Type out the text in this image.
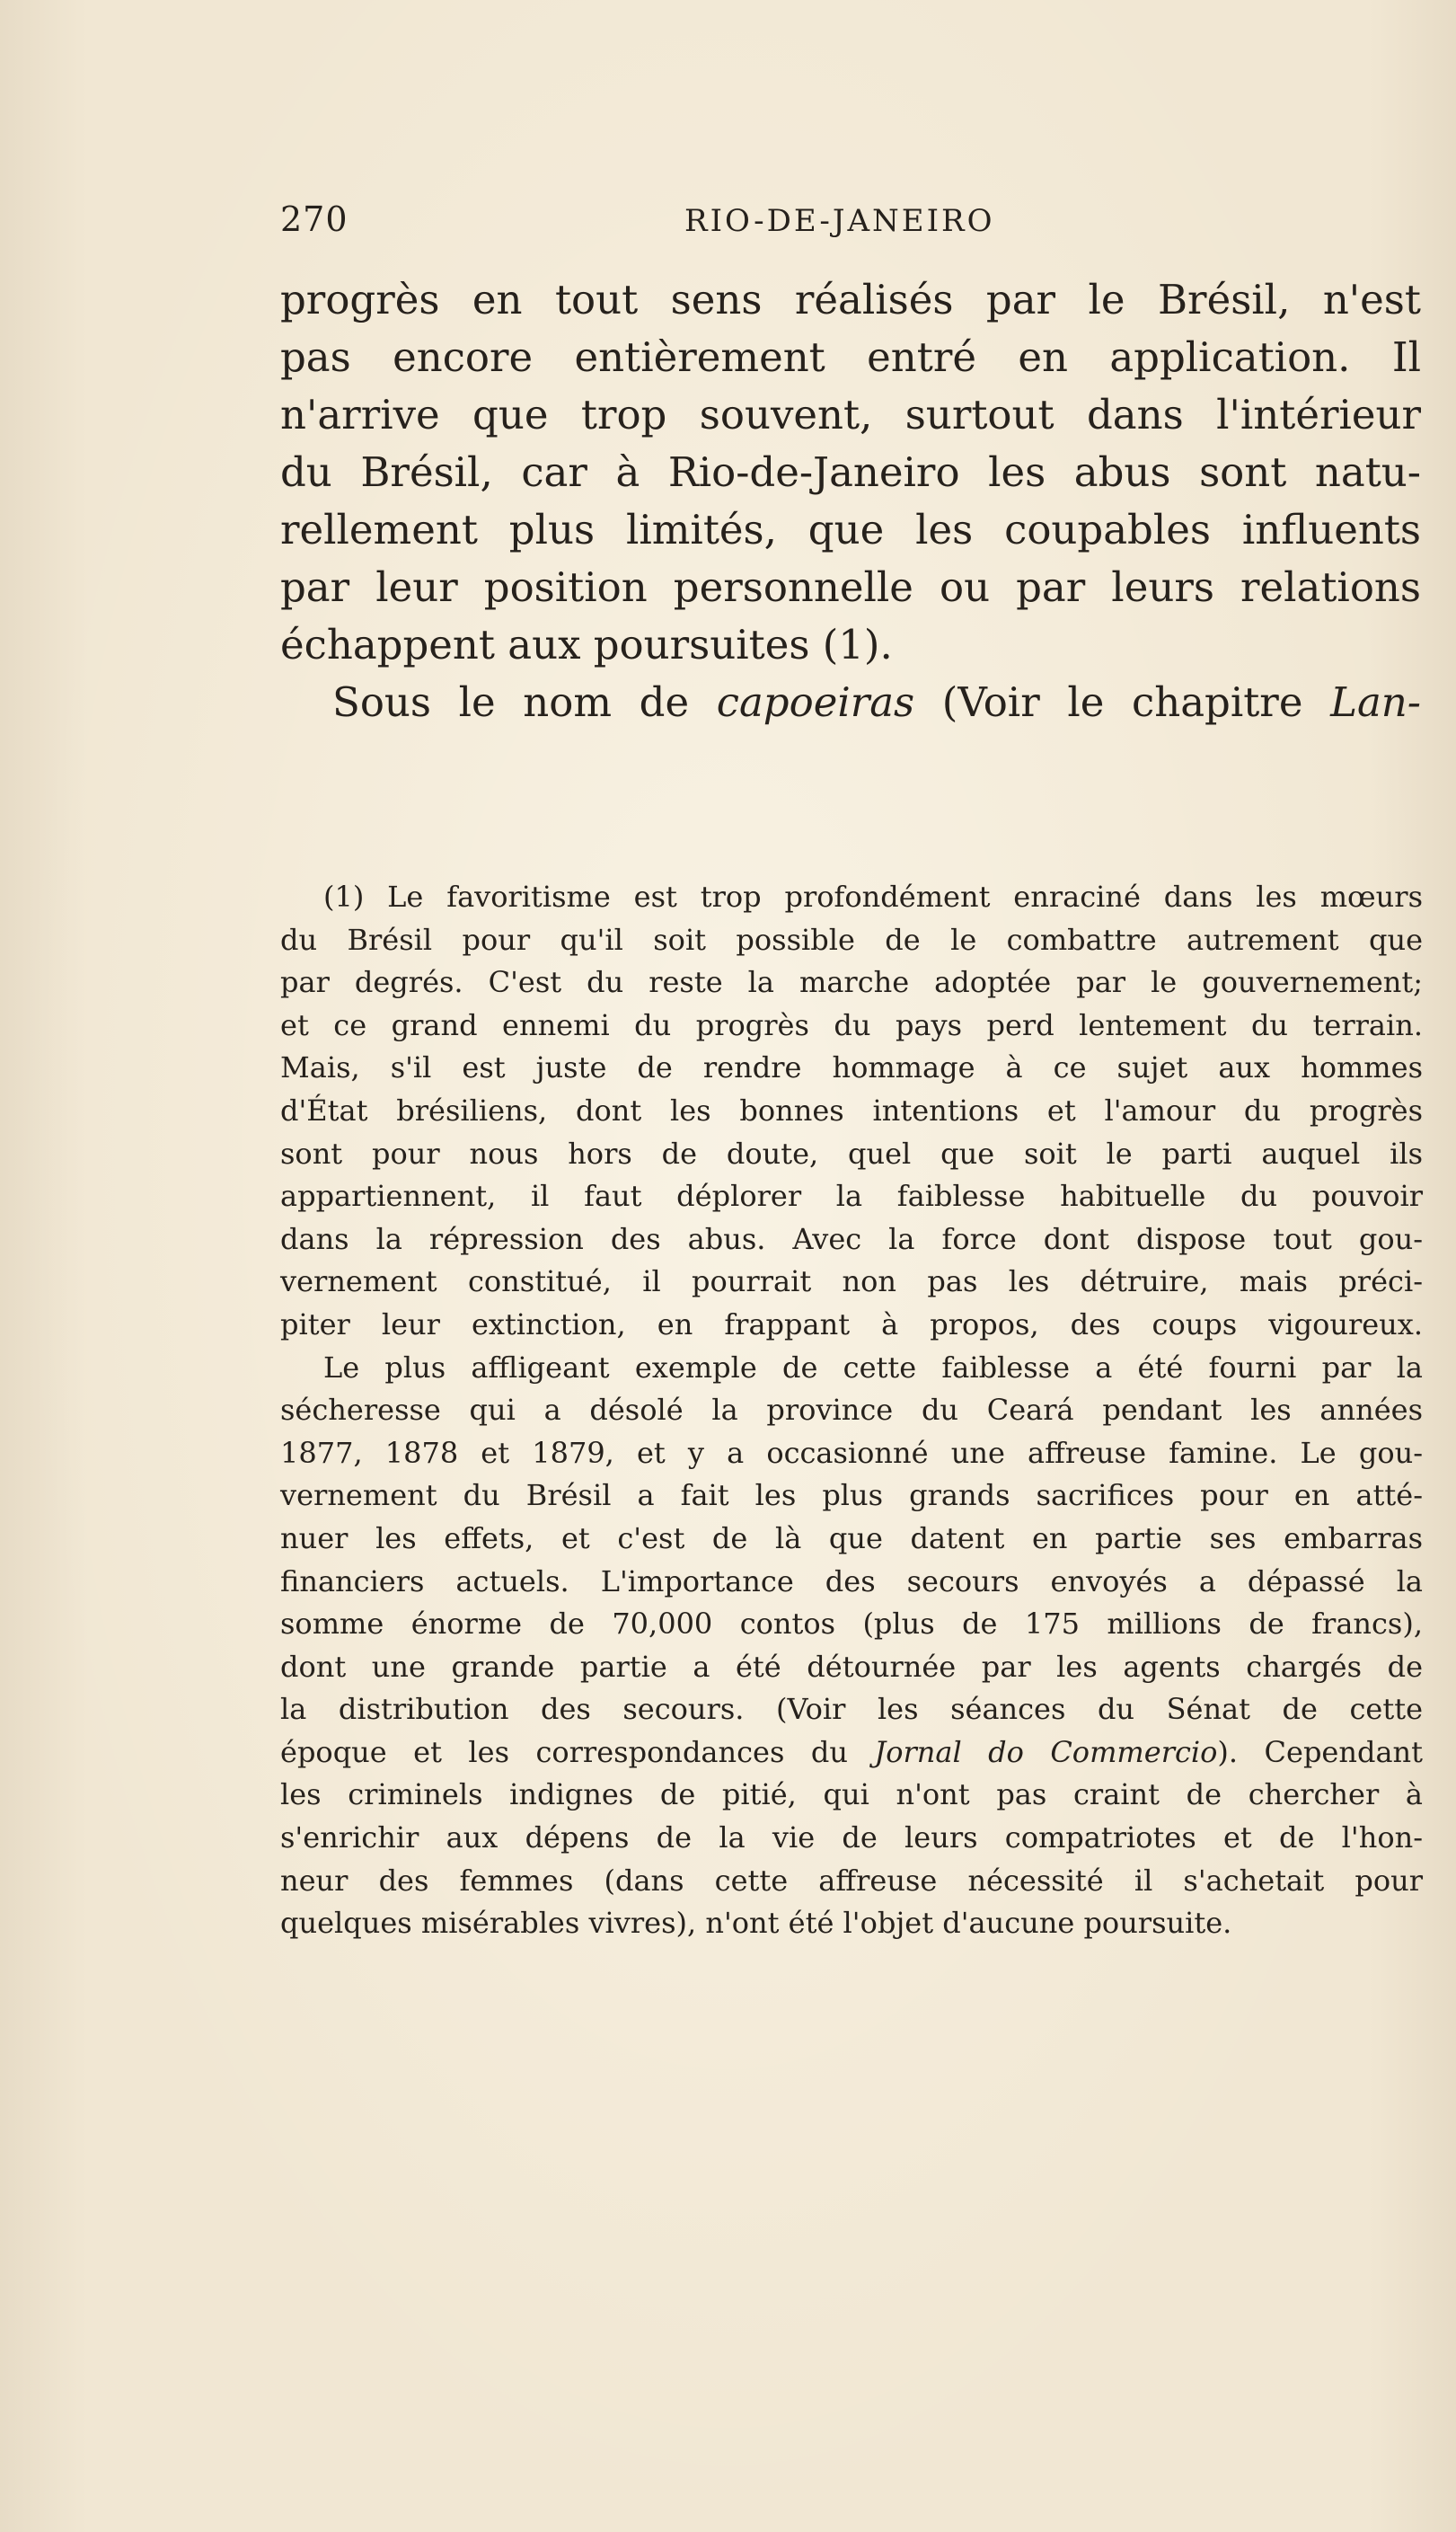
270	RIO-DE-JANEIRO
progrès en tout sens réalisés par le Brésil, n'est
pas encore entièrement entré en application. Il
n'arrive que trop souvent, surtout dans l'intérieur
du Brésil, car à Rio-de-Janeiro les abus sont natu-
rellement plus limités, que les coupables influents
par leur position personnelle ou par leurs relations
échappent aux poursuites (1).
Sous le nom de capoeiras (Voir le chapitre Lan-
(1) Le favoritisme est trop profondément enraciné dans les mœurs
du Brésil pour qu'il soit possible de le combattre autrement que
par degrés. C'est du reste la marche adoptée par le gouvernement;
et ce grand ennemi du progrès du pays perd lentement du terrain.
Mais, s'il est juste de rendre hommage à ce sujet aux hommes
d'État brésiliens, dont les bonnes intentions et l'amour du progrès
sont pour nous hors de doute, quel que soit le parti auquel ils
appartiennent, il faut déplorer la faiblesse habituelle du pouvoir
dans la répression des abus. Avec la force dont dispose tout gou-
vernement constitué, il pourrait non pas les détruire, mais préci-
piter leur extinction, en frappant à propos, des coups vigoureux.
Le plus affligeant exemple de cette faiblesse a été fourni par la
sécheresse qui a désolé la province du Ceará pendant les années
1877, 1878 et 1879, et y a occasionné une affreuse famine. Le gou-
vernement du Brésil a fait les plus grands sacrifices pour en atté-
nuer les effets, et c'est de là que datent en partie ses embarras
financiers actuels. L'importance des secours envoyés a dépassé la
somme énorme de 70,000 contos (plus de 175 millions de francs),
dont une grande partie a été détournée par les agents chargés de
la distribution des secours. (Voir les séances du Sénat de cette
époque et les correspondances du Jornal do Commercio). Cependant
les criminels indignes de pitié, qui n'ont pas craint de chercher à
s'enrichir aux dépens de la vie de leurs compatriotes et de l'hon-
neur des femmes (dans cette affreuse nécessité il s'achetait pour
quelques misérables vivres), n'ont été l'objet d'aucune poursuite.
